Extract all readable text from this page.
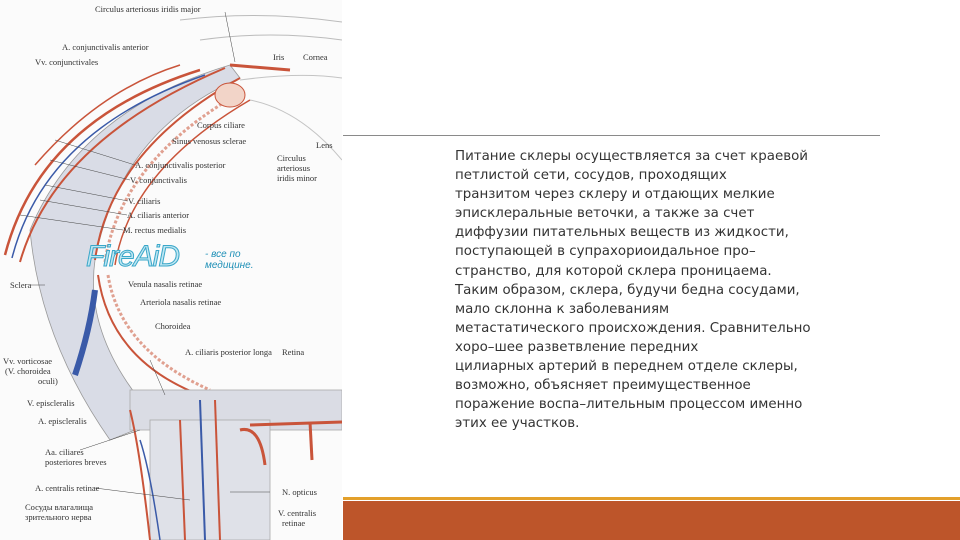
Circulus arteriosus iridis major
A. conjunctivalis anterior
Vv. conjunctivales	Iris Cornea
Corpus ciliare
Sinus venosus sclerae	Lens
Circulus
arteriosus
iridis minor
A. conjunctivalis posterior
V. conjunctivalis
V. ciliaris
A. ciliaris anterior
M. rectus medialis
FireAiD	- все по
медицине.
Sclera	Venula nasalis retinae
Arteriola nasalis retinae
Choroidea
A. ciliaris posterior longa
Vv. vorticosae
(V. choroidea
oculi)
Retina
V. episcleralis
A. episcleralis
Aa. ciliares
posteriores breves
A. centralis retinae	N. opticus
Сосуды влагалища
зрительного нерва	V. centralis
retinae
Питание склеры осуществляется за счет краевой
петлистой сети, сосудов, проходящих
транзитом через склеру и отдающих мелкие
эписклеральные веточки, а также за счет
диффузии питательных веществ из жидкости,
поступающей в супрахориоидальное про–
странство, для которой склера проницаема.
Таким образом, склера, будучи бедна сосудами,
мало склонна к заболеваниям
метастатического происхождения. Сравнительно
хоро–шее разветвление передних
цилиарных артерий в переднем отделе склеры,
возможно, объясняет преимущественное
поражение воспа–лительным процессом именно
этих ее участков.
